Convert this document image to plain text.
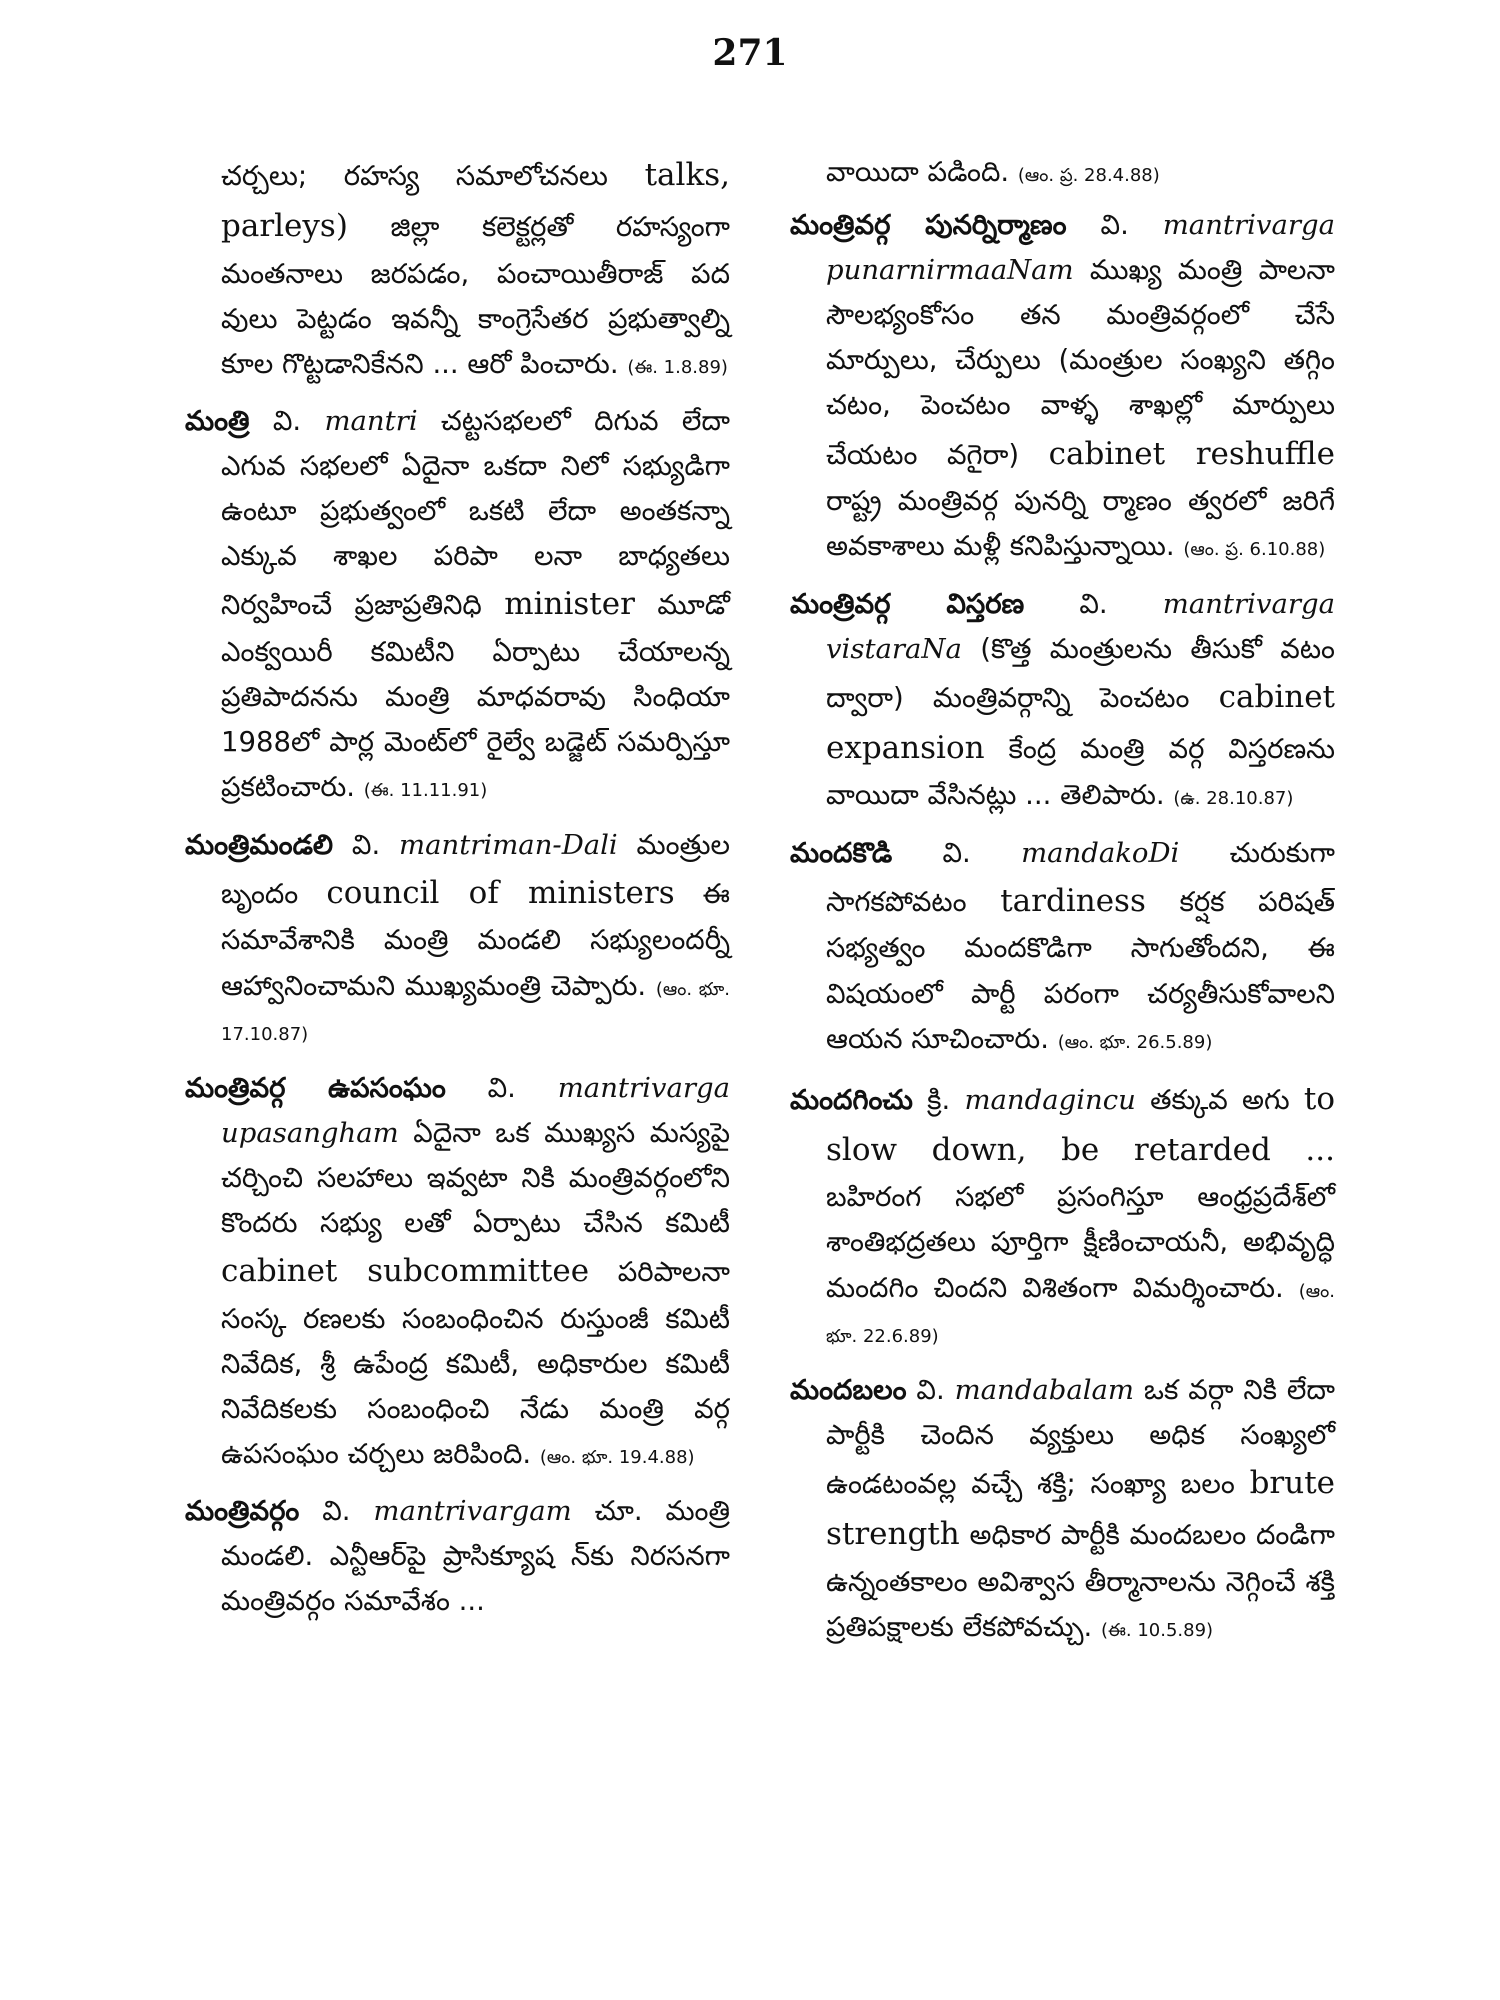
271

చర్చలు; రహస్య సమాలోచనలు talks, parleys) జిల్లా కలెక్టర్లతో రహస్యంగా మంతనాలు జరపడం, పంచాయితీరాజ్ పద వులు పెట్టడం ఇవన్నీ కాంగ్రెసేతర ప్రభుత్వాల్ని కూల గొట్టడానికేనని ... ఆరో పించారు. (ఈ. 1.8.89)

మంత్రి వి. mantri చట్టసభలలో దిగువ లేదా ఎగువ సభలలో ఏదైనా ఒకదా నిలో సభ్యుడిగా ఉంటూ ప్రభుత్వంలో ఒకటి లేదా అంతకన్నా ఎక్కువ శాఖల పరిపా లనా బాధ్యతలు నిర్వహించే ప్రజాప్రతినిధి minister మూడో ఎంక్వయిరీ కమిటీని ఏర్పాటు చేయాలన్న ప్రతిపాదనను మంత్రి మాధవరావు సింధియా 1988లో పార్ల మెంట్‌లో రైల్వే బడ్జెట్ సమర్పిస్తూ ప్రకటించారు. (ఈ. 11.11.91)

మంత్రిమండలి వి. mantriman-Dali మంత్రుల బృందం council of ministers ఈ సమావేశానికి మంత్రి మండలి సభ్యులందర్నీ ఆహ్వానించామని ముఖ్యమంత్రి చెప్పారు. (ఆం. భూ. 17.10.87)

మంత్రివర్గ ఉపసంఘం వి. mantrivarga upasangham ఏదైనా ఒక ముఖ్యస మస్యపై చర్చించి సలహాలు ఇవ్వటా నికి మంత్రివర్గంలోని కొందరు సభ్యు లతో ఏర్పాటు చేసిన కమిటీ cabinet subcommittee పరిపాలనా సంస్క రణలకు సంబంధించిన రుస్తుంజీ కమిటీ నివేదిక, శ్రీ ఉపేంద్ర కమిటీ, అధికారుల కమిటీ నివేదికలకు సంబంధించి నేడు మంత్రి వర్గ ఉపసంఘం చర్చలు జరిపింది. (ఆం. భూ. 19.4.88)

మంత్రివర్గం వి. mantrivargam చూ. మంత్రి మండలి. ఎన్టీఆర్‌పై ప్రాసిక్యూష న్‌కు నిరసనగా మంత్రివర్గం సమావేశం ...

వాయిదా పడింది. (ఆం. ప్ర. 28.4.88)

మంత్రివర్గ పునర్నిర్మాణం వి. mantrivarga punarnirmaaNam ముఖ్య మంత్రి పాలనా సౌలభ్యంకోసం తన మంత్రివర్గంలో చేసే మార్పులు, చేర్పులు (మంత్రుల సంఖ్యని తగ్గిం చటం, పెంచటం వాళ్ళ శాఖల్లో మార్పులు చేయటం వగైరా) cabinet reshuffle రాష్ట్ర మంత్రివర్గ పునర్ని ర్మాణం త్వరలో జరిగే అవకాశాలు మళ్లీ కనిపిస్తున్నాయి. (ఆం. ప్ర. 6.10.88)

మంత్రివర్గ విస్తరణ వి. mantrivarga vistaraNa (కొత్త మంత్రులను తీసుకో వటం ద్వారా) మంత్రివర్గాన్ని పెంచటం cabinet expansion కేంద్ర మంత్రి వర్గ విస్తరణను వాయిదా వేసినట్లు ... తెలిపారు. (ఉ. 28.10.87)

మందకొడి వి. mandakoDi చురుకుగా సాగకపోవటం tardiness కర్షక పరిషత్ సభ్యత్వం మందకొడిగా సాగుతోందని, ఈ విషయంలో పార్టీ పరంగా చర్యతీసుకోవాలని ఆయన సూచించారు. (ఆం. భూ. 26.5.89)

మందగించు క్రి. mandagincu తక్కువ అగు to slow down, be retarded ... బహిరంగ సభలో ప్రసంగిస్తూ ఆంధ్రప్రదేశ్‌లో శాంతిభద్రతలు పూర్తిగా క్షీణించాయనీ, అభివృద్ధి మందగిం చిందని విశితంగా విమర్శించారు. (ఆం. భూ. 22.6.89)

మందబలం వి. mandabalam ఒక వర్గా నికి లేదా పార్టీకి చెందిన వ్యక్తులు అధిక సంఖ్యలో ఉండటంవల్ల వచ్చే శక్తి; సంఖ్యా బలం brute strength అధికార పార్టీకి మందబలం దండిగా ఉన్నంతకాలం అవిశ్వాస తీర్మానాలను నెగ్గించే శక్తి ప్రతిపక్షాలకు లేకపోవచ్చు. (ఈ. 10.5.89)
